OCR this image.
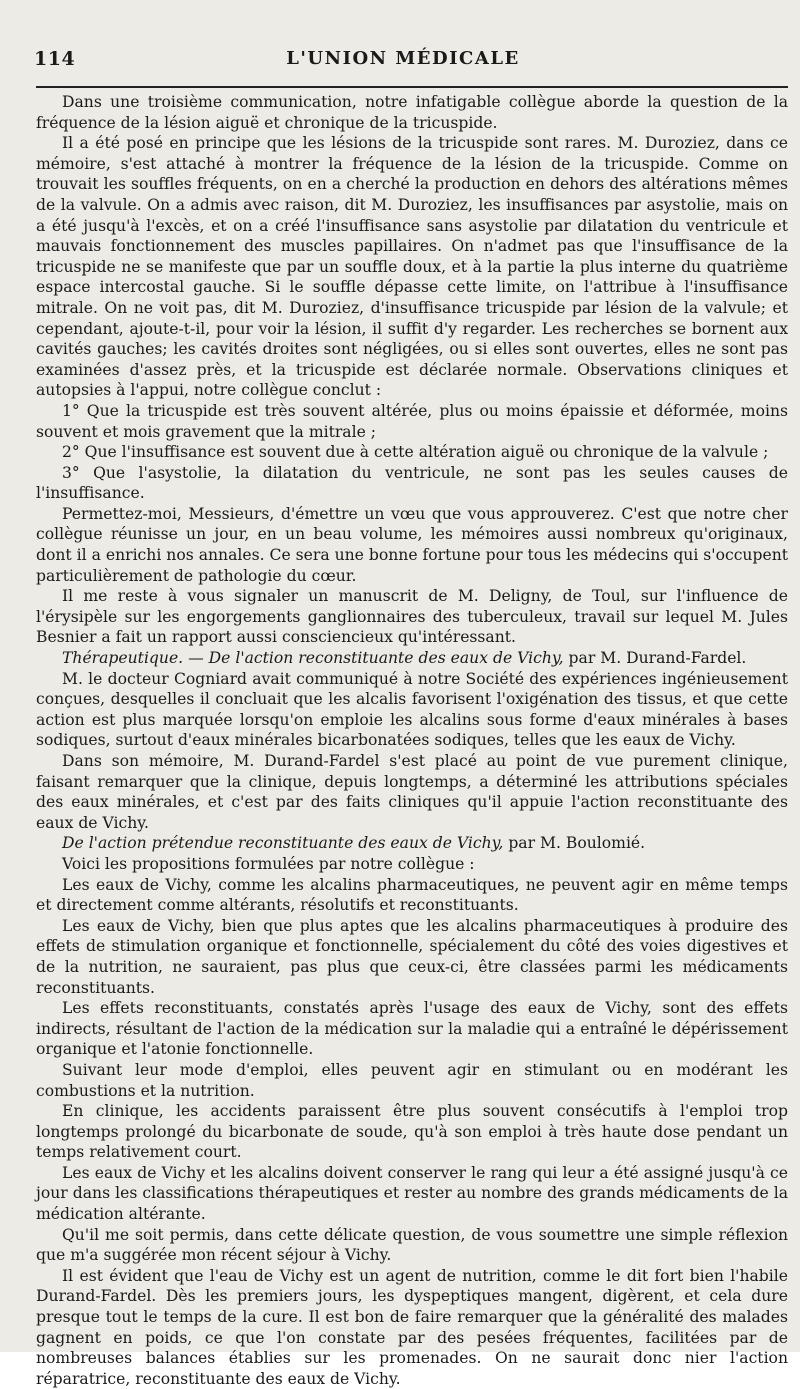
114	L'UNION MÉDICALE

Dans une troisième communication, notre infatigable collègue aborde la question de la fréquence de la lésion aiguë et chronique de la tricuspide.

Il a été posé en principe que les lésions de la tricuspide sont rares. M. Duroziez, dans ce mémoire, s'est attaché à montrer la fréquence de la lésion de la tricuspide. Comme on trouvait les souffles fréquents, on en a cherché la production en dehors des altérations mêmes de la valvule. On a admis avec raison, dit M. Duroziez, les insuffisances par asystolie, mais on a été jusqu'à l'excès, et on a créé l'insuffisance sans asystolie par dilatation du ventricule et mauvais fonctionnement des muscles papillaires. On n'admet pas que l'insuffisance de la tricuspide ne se manifeste que par un souffle doux, et à la partie la plus interne du quatrième espace intercostal gauche. Si le souffle dépasse cette limite, on l'attribue à l'insuffisance mitrale. On ne voit pas, dit M. Duroziez, d'insuffisance tricuspide par lésion de la valvule; et cependant, ajoute-t-il, pour voir la lésion, il suffit d'y regarder. Les recherches se bornent aux cavités gauches; les cavités droites sont négligées, ou si elles sont ouvertes, elles ne sont pas examinées d'assez près, et la tricuspide est déclarée normale. Observations cliniques et autopsies à l'appui, notre collègue conclut :

1° Que la tricuspide est très souvent altérée, plus ou moins épaissie et déformée, moins souvent et mois gravement que la mitrale ;

2° Que l'insuffisance est souvent due à cette altération aiguë ou chronique de la valvule ;

3° Que l'asystolie, la dilatation du ventricule, ne sont pas les seules causes de l'insuffisance.

Permettez-moi, Messieurs, d'émettre un vœu que vous approuverez. C'est que notre cher collègue réunisse un jour, en un beau volume, les mémoires aussi nombreux qu'originaux, dont il a enrichi nos annales. Ce sera une bonne fortune pour tous les médecins qui s'occupent particulièrement de pathologie du cœur.

Il me reste à vous signaler un manuscrit de M. Deligny, de Toul, sur l'influence de l'érysipèle sur les engorgements ganglionnaires des tuberculeux, travail sur lequel M. Jules Besnier a fait un rapport aussi consciencieux qu'intéressant.

Thérapeutique. — De l'action reconstituante des eaux de Vichy, par M. Durand-Fardel.

M. le docteur Cogniard avait communiqué à notre Société des expériences ingénieusement conçues, desquelles il concluait que les alcalis favorisent l'oxigénation des tissus, et que cette action est plus marquée lorsqu'on emploie les alcalins sous forme d'eaux minérales à bases sodiques, surtout d'eaux minérales bicarbonatées sodiques, telles que les eaux de Vichy.

Dans son mémoire, M. Durand-Fardel s'est placé au point de vue purement clinique, faisant remarquer que la clinique, depuis longtemps, a déterminé les attributions spéciales des eaux minérales, et c'est par des faits cliniques qu'il appuie l'action reconstituante des eaux de Vichy.

De l'action prétendue reconstituante des eaux de Vichy, par M. Boulomié.

Voici les propositions formulées par notre collègue :

Les eaux de Vichy, comme les alcalins pharmaceutiques, ne peuvent agir en même temps et directement comme altérants, résolutifs et reconstituants.

Les eaux de Vichy, bien que plus aptes que les alcalins pharmaceutiques à produire des effets de stimulation organique et fonctionnelle, spécialement du côté des voies digestives et de la nutrition, ne sauraient, pas plus que ceux-ci, être classées parmi les médicaments reconstituants.

Les effets reconstituants, constatés après l'usage des eaux de Vichy, sont des effets indirects, résultant de l'action de la médication sur la maladie qui a entraîné le dépérissement organique et l'atonie fonctionnelle.

Suivant leur mode d'emploi, elles peuvent agir en stimulant ou en modérant les combustions et la nutrition.

En clinique, les accidents paraissent être plus souvent consécutifs à l'emploi trop longtemps prolongé du bicarbonate de soude, qu'à son emploi à très haute dose pendant un temps relativement court.

Les eaux de Vichy et les alcalins doivent conserver le rang qui leur a été assigné jusqu'à ce jour dans les classifications thérapeutiques et rester au nombre des grands médicaments de la médication altérante.

Qu'il me soit permis, dans cette délicate question, de vous soumettre une simple réflexion que m'a suggérée mon récent séjour à Vichy.

Il est évident que l'eau de Vichy est un agent de nutrition, comme le dit fort bien l'habile Durand-Fardel. Dès les premiers jours, les dyspeptiques mangent, digèrent, et cela dure presque tout le temps de la cure. Il est bon de faire remarquer que la généralité des malades gagnent en poids, ce que l'on constate par des pesées fréquentes, facilitées par de nombreuses balances établies sur les promenades. On ne saurait donc nier l'action réparatrice, reconstituante des eaux de Vichy.
